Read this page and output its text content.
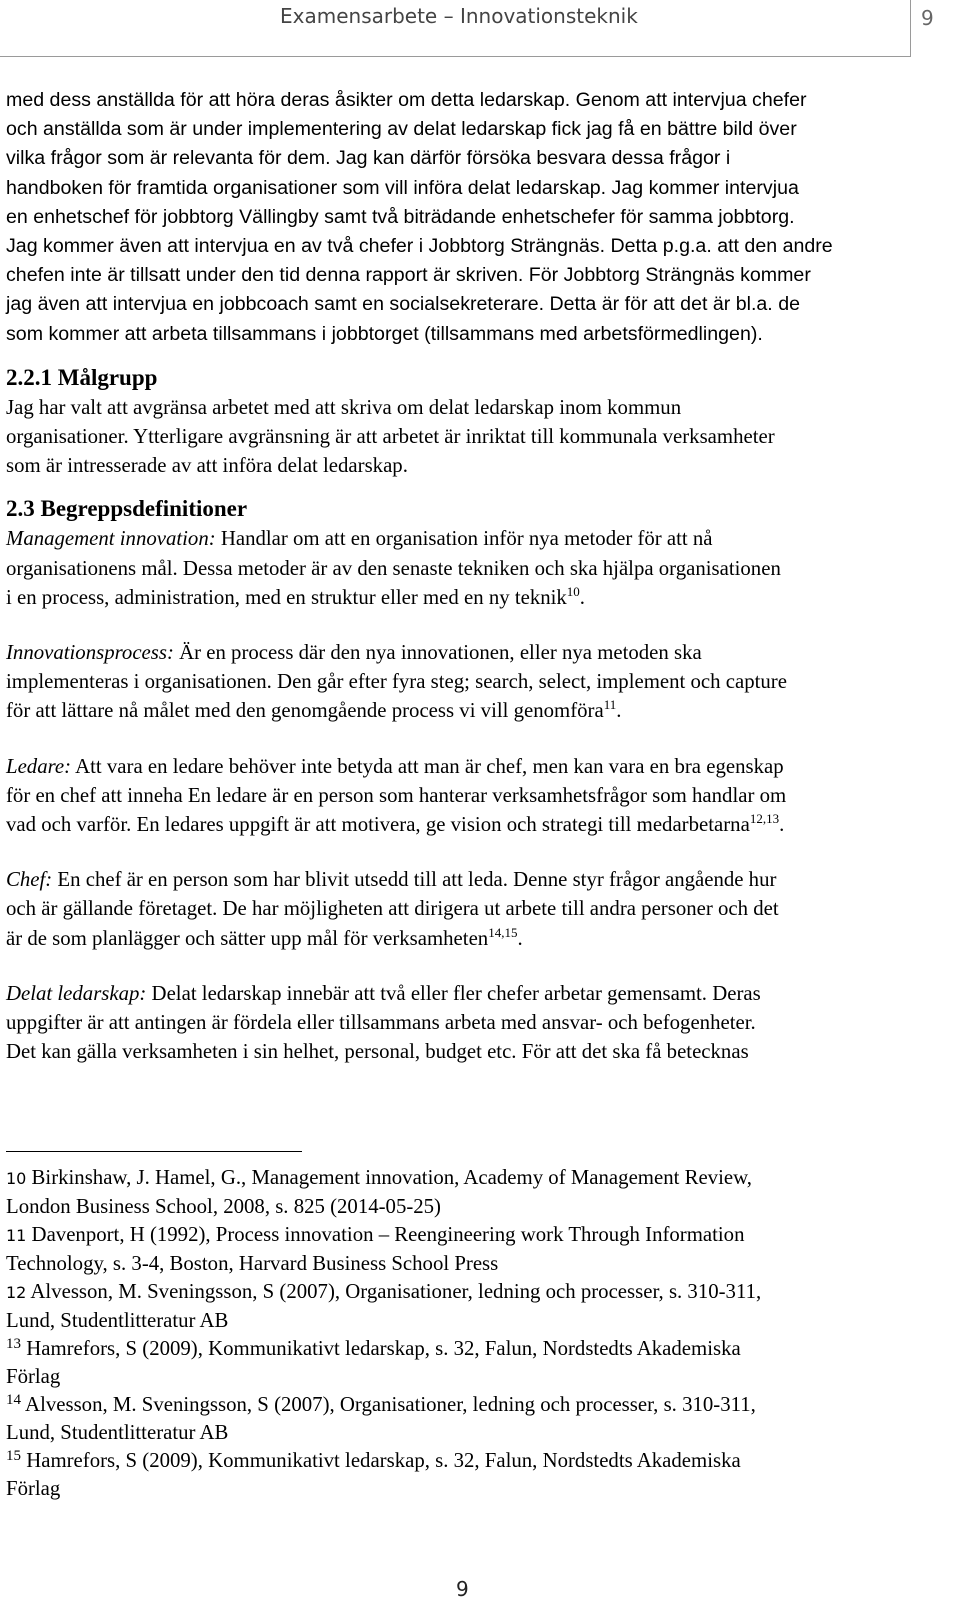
Examensarbete – Innovationsteknik	9

med dess anställda för att höra deras åsikter om detta ledarskap. Genom att intervjua chefer
och anställda som är under implementering av delat ledarskap fick jag få en bättre bild över
vilka frågor som är relevanta för dem. Jag kan därför försöka besvara dessa frågor i
handboken för framtida organisationer som vill införa delat ledarskap. Jag kommer intervjua
en enhetschef för jobbtorg Vällingby samt två biträdande enhetschefer för samma jobbtorg.
Jag kommer även att intervjua en av två chefer i Jobbtorg Strängnäs. Detta p.g.a. att den andre
chefen inte är tillsatt under den tid denna rapport är skriven. För Jobbtorg Strängnäs kommer
jag även att intervjua en jobbcoach samt en socialsekreterare. Detta är för att det är bl.a. de
som kommer att arbeta tillsammans i jobbtorget (tillsammans med arbetsförmedlingen).

2.2.1 Målgrupp

Jag har valt att avgränsa arbetet med att skriva om delat ledarskap inom kommun
organisationer. Ytterligare avgränsning är att arbetet är inriktat till kommunala verksamheter
som är intresserade av att införa delat ledarskap.

2.3 Begreppsdefinitioner

Management innovation: Handlar om att en organisation inför nya metoder för att nå
organisationens mål. Dessa metoder är av den senaste tekniken och ska hjälpa organisationen
i en process, administration, med en struktur eller med en ny teknik$^{10}$.

Innovationsprocess: Är en process där den nya innovationen, eller nya metoden ska
implementeras i organisationen. Den går efter fyra steg; search, select, implement och capture
för att lättare nå målet med den genomgående process vi vill genomföra$^{11}$.

Ledare: Att vara en ledare behöver inte betyda att man är chef, men kan vara en bra egenskap
för en chef att inneha En ledare är en person som hanterar verksamhetsfrågor som handlar om
vad och varför. En ledares uppgift är att motivera, ge vision och strategi till medarbetarna$^{12,13}$.

Chef: En chef är en person som har blivit utsedd till att leda. Denne styr frågor angående hur
och är gällande företaget. De har möjligheten att dirigera ut arbete till andra personer och det
är de som planlägger och sätter upp mål för verksamheten$^{14,15}$.

Delat ledarskap: Delat ledarskap innebär att två eller fler chefer arbetar gemensamt. Deras
uppgifter är att antingen är fördela eller tillsammans arbeta med ansvar- och befogenheter.
Det kan gälla verksamheten i sin helhet, personal, budget etc. För att det ska få betecknas

10 Birkinshaw, J. Hamel, G., Management innovation, Academy of Management Review,
London Business School, 2008, s. 825 (2014-05-25)

11 Davenport, H (1992), Process innovation – Reengineering work Through Information
Technology, s. 3-4, Boston, Harvard Business School Press

12 Alvesson, M. Sveningsson, S (2007), Organisationer, ledning och processer, s. 310-311,
Lund, Studentlitteratur AB

$^{13}$ Hamrefors, S (2009), Kommunikativt ledarskap, s. 32, Falun, Nordstedts Akademiska
Förlag

$^{14}$ Alvesson, M. Sveningsson, S (2007), Organisationer, ledning och processer, s. 310-311,
Lund, Studentlitteratur AB

$^{15}$ Hamrefors, S (2009), Kommunikativt ledarskap, s. 32, Falun, Nordstedts Akademiska
Förlag

9
